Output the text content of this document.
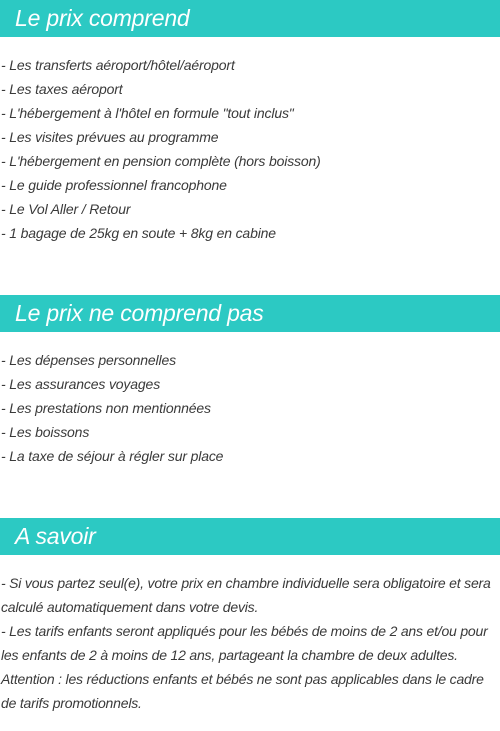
Le prix comprend
- Les transferts aéroport/hôtel/aéroport
- Les taxes aéroport
- L'hébergement à l'hôtel en formule "tout inclus"
- Les visites prévues au programme
- L'hébergement en pension complète (hors boisson)
- Le guide professionnel francophone
- Le Vol Aller / Retour
- 1 bagage de 25kg en soute + 8kg en cabine
Le prix ne comprend pas
- Les dépenses personnelles
- Les assurances voyages
- Les prestations non mentionnées
- Les boissons
- La taxe de séjour à régler sur place
A savoir

- Si vous partez seul(e), votre prix en chambre individuelle sera obligatoire et sera calculé automatiquement dans votre devis.

- Les tarifs enfants seront appliqués pour les bébés de moins de 2 ans et/ou pour les enfants de 2 à moins de 12 ans, partageant la chambre de deux adultes.

Attention : les réductions enfants et bébés ne sont pas applicables dans le cadre de tarifs promotionnels.
